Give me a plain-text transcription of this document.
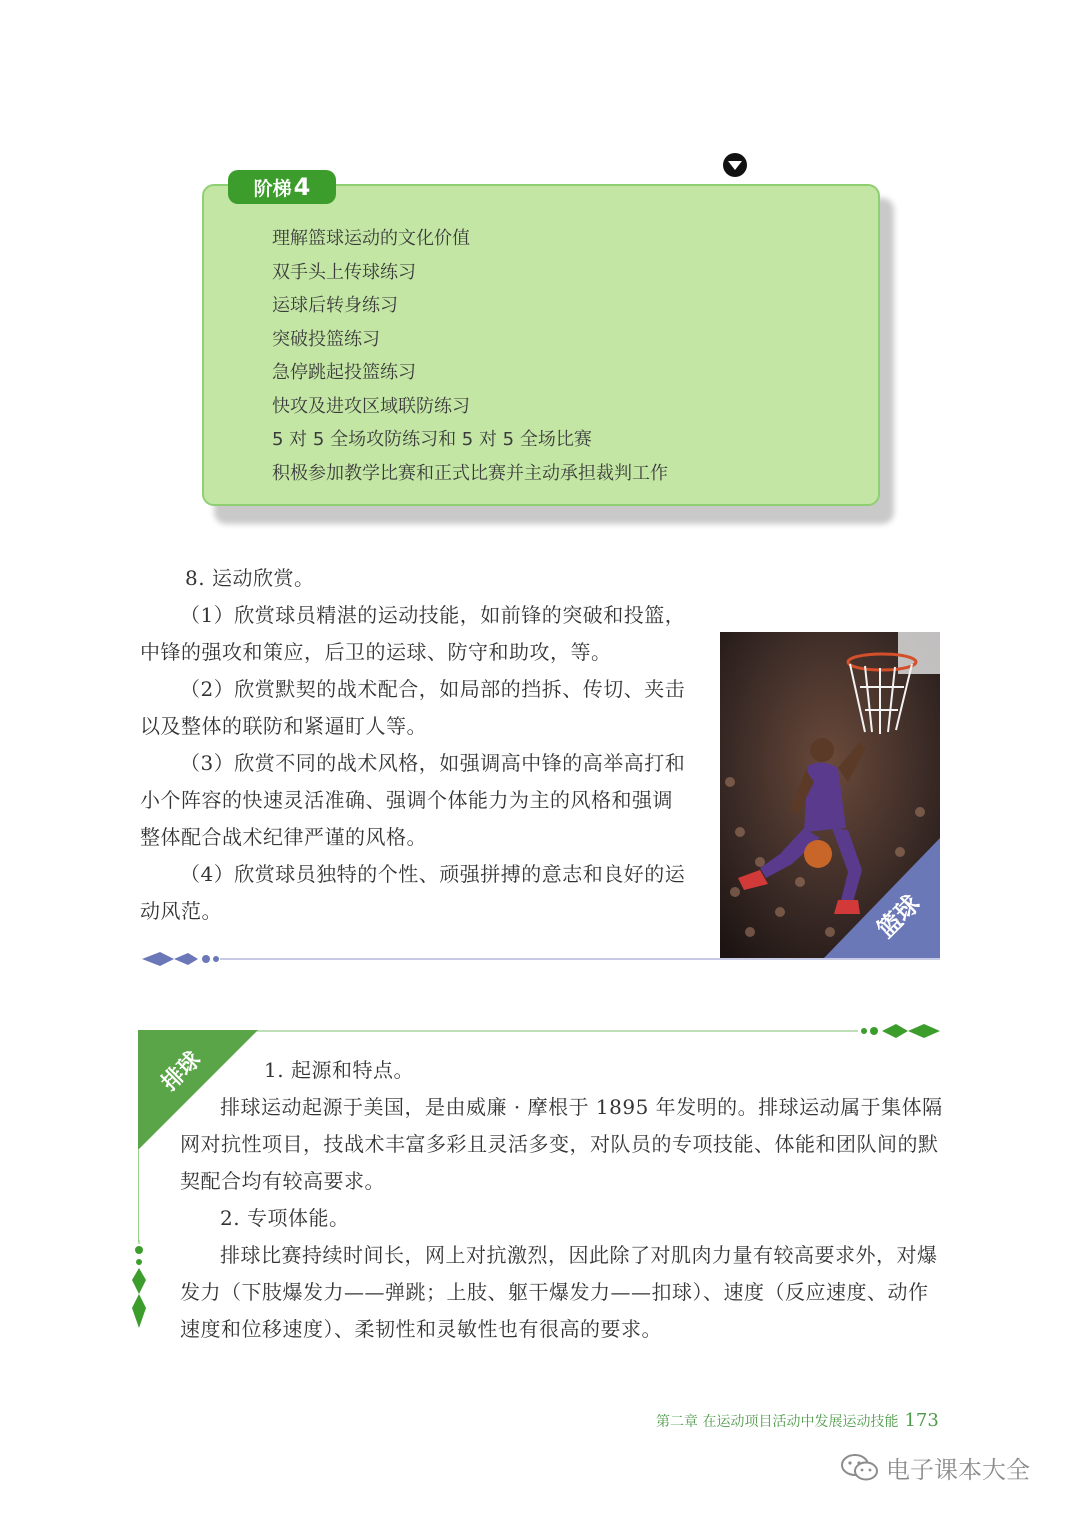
阶梯 4
理解篮球运动的文化价值
双手头上传球练习
运球后转身练习
突破投篮练习
急停跳起投篮练习
快攻及进攻区域联防练习
5 对 5 全场攻防练习和 5 对 5 全场比赛
积极参加教学比赛和正式比赛并主动承担裁判工作

8. 运动欣赏。

（1）欣赏球员精湛的运动技能，如前锋的突破和投篮，中锋的强攻和策应，后卫的运球、防守和助攻，等。

（2）欣赏默契的战术配合，如局部的挡拆、传切、夹击以及整体的联防和紧逼盯人等。

（3）欣赏不同的战术风格，如强调高中锋的高举高打和小个阵容的快速灵活准确、强调个体能力为主的风格和强调整体配合战术纪律严谨的风格。

（4）欣赏球员独特的个性、顽强拼搏的意志和良好的运动风范。	篮球
排球	1. 起源和特点。

排球运动起源于美国，是由威廉 · 摩根于 1895 年发明的。排球运动属于集体隔网对抗性项目，技战术丰富多彩且灵活多变，对队员的专项技能、体能和团队间的默契配合均有较高要求。

2. 专项体能。

排球比赛持续时间长，网上对抗激烈，因此除了对肌肉力量有较高要求外，对爆发力（下肢爆发力——弹跳；上肢、躯干爆发力——扣球）、速度（反应速度、动作速度和位移速度）、柔韧性和灵敏性也有很高的要求。

第二章 在运动项目活动中发展运动技能 173
电子课本大全
